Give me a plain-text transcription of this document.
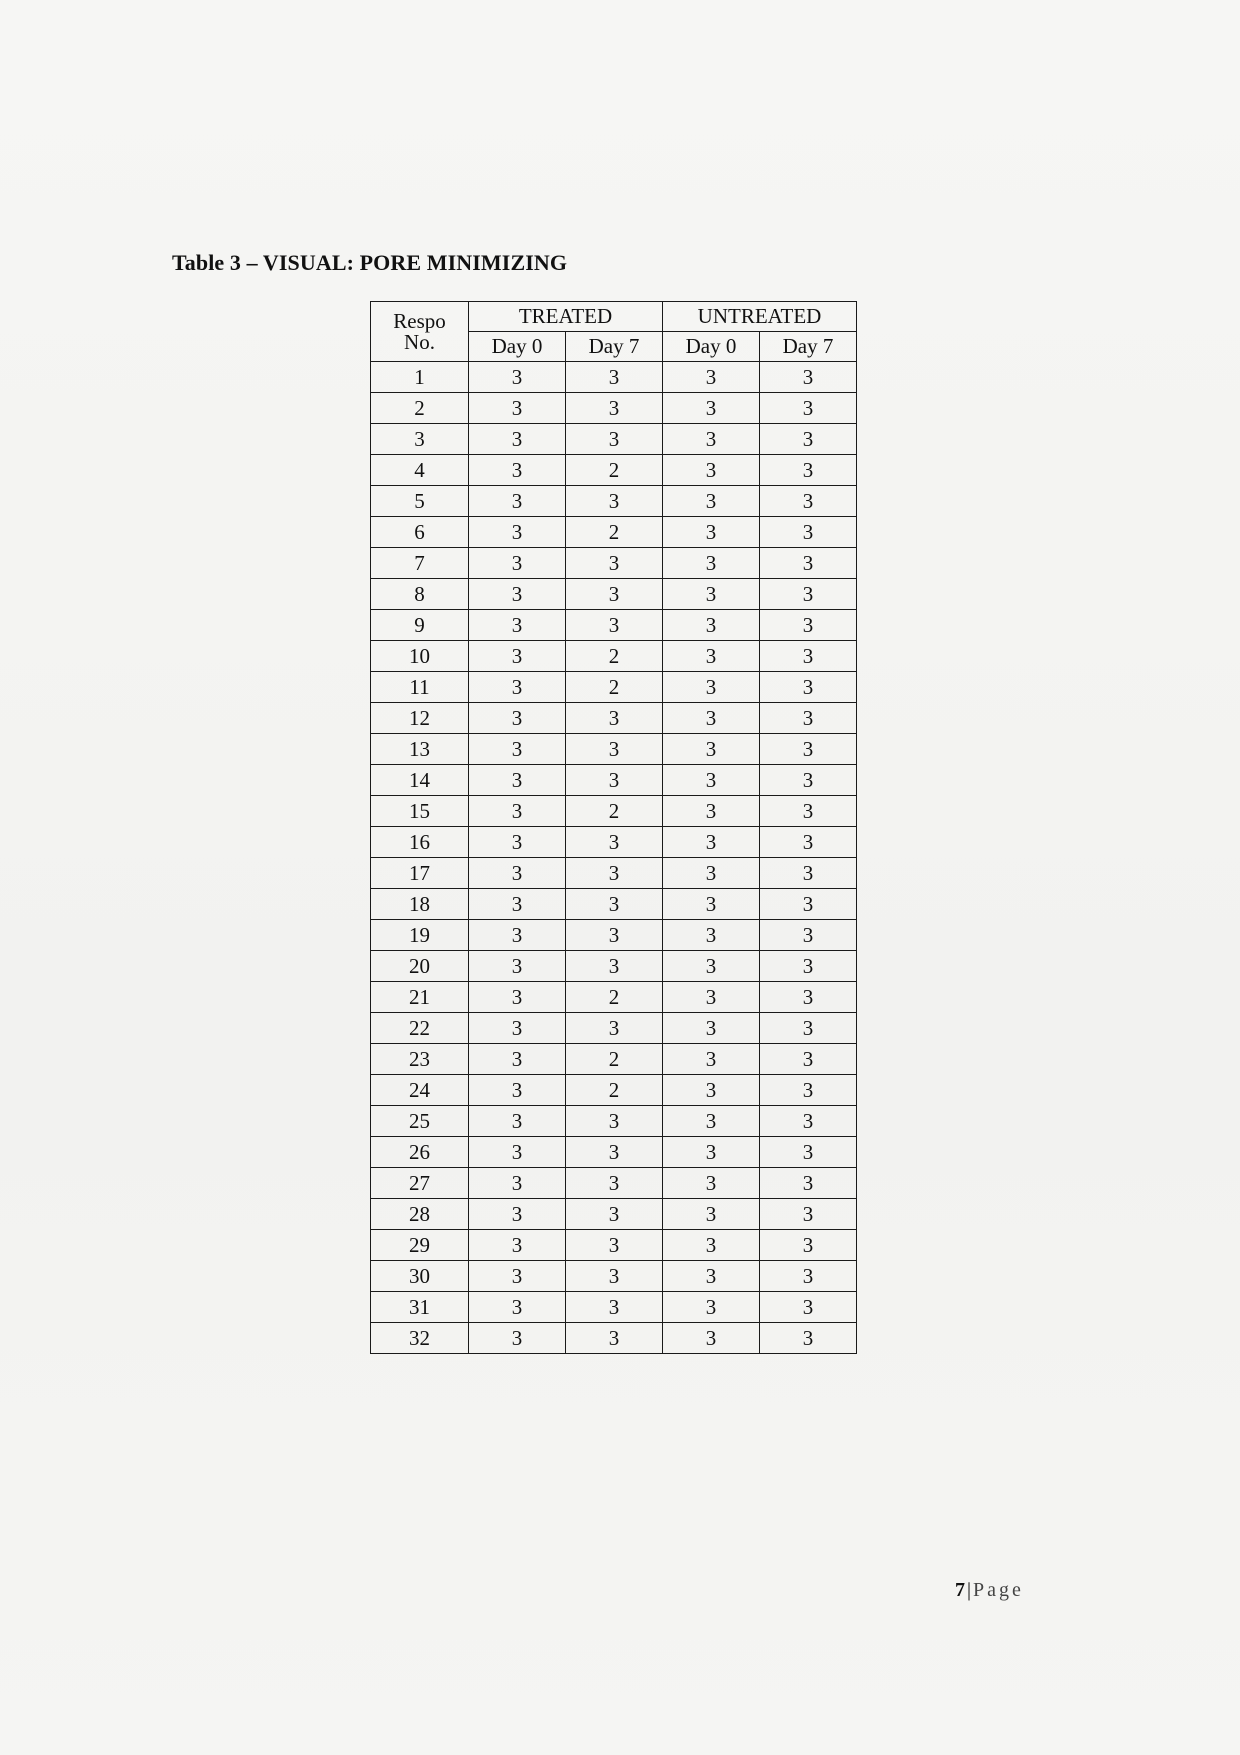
Table 3 – VISUAL: PORE MINIMIZING
Respo
No.	TREATED		UNTREATED	
	Day 0	Day 7	Day 0	Day 7
1	3	3	3	3
2	3	3	3	3
3	3	3	3	3
4	3	2	3	3
5	3	3	3	3
6	3	2	3	3
7	3	3	3	3
8	3	3	3	3
9	3	3	3	3
10	3	2	3	3
11	3	2	3	3
12	3	3	3	3
13	3	3	3	3
14	3	3	3	3
15	3	2	3	3
16	3	3	3	3
17	3	3	3	3
18	3	3	3	3
19	3	3	3	3
20	3	3	3	3
21	3	2	3	3
22	3	3	3	3
23	3	2	3	3
24	3	2	3	3
25	3	3	3	3
26	3	3	3	3
27	3	3	3	3
28	3	3	3	3
29	3	3	3	3
30	3	3	3	3
31	3	3	3	3
32	3	3	3	3
7 | Page
